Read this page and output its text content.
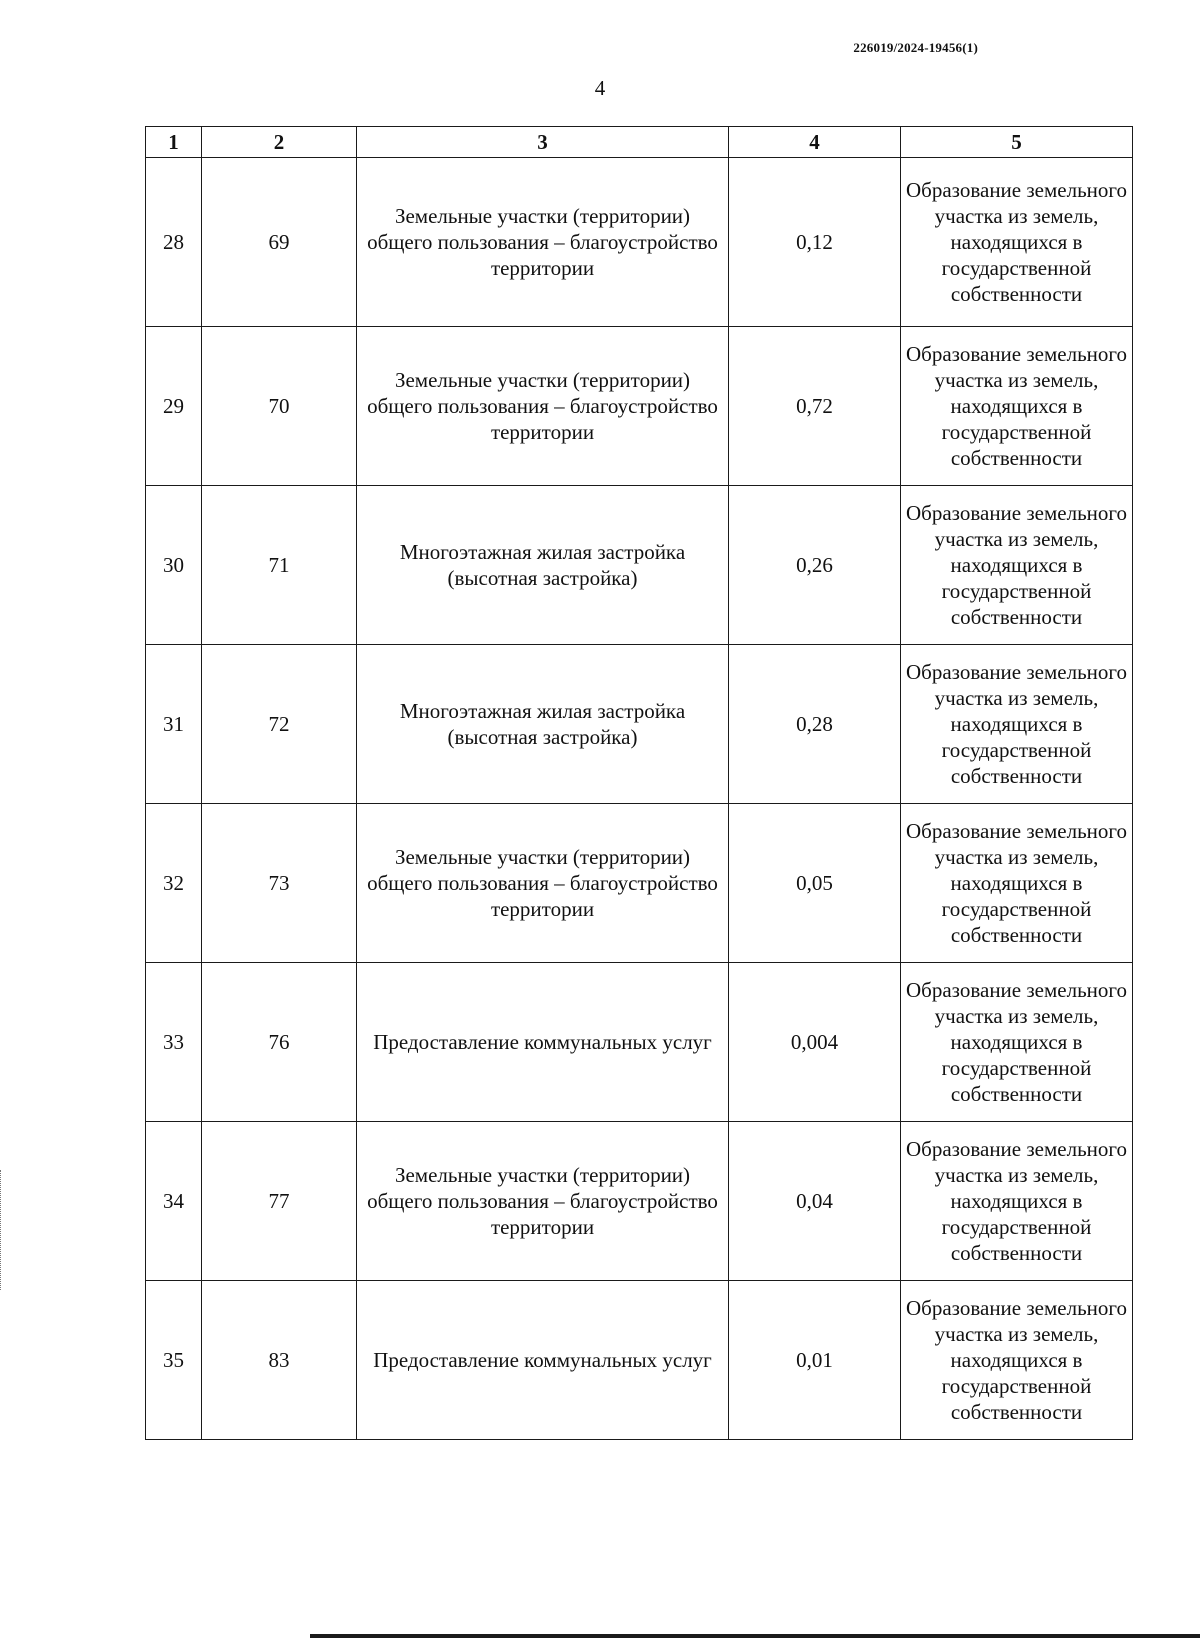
226019/2024-19456(1)
4
1	2	3	4	5
28	69	Земельные участки (территории) общего пользования – благоустройство территории	0,12	Образование земельного участка из земель, находящихся в государственной собственности
29	70	Земельные участки (территории) общего пользования – благоустройство территории	0,72	Образование земельного участка из земель, находящихся в государственной собственности
30	71	Многоэтажная жилая застройка (высотная застройка)	0,26	Образование земельного участка из земель, находящихся в государственной собственности
31	72	Многоэтажная жилая застройка (высотная застройка)	0,28	Образование земельного участка из земель, находящихся в государственной собственности
32	73	Земельные участки (территории) общего пользования – благоустройство территории	0,05	Образование земельного участка из земель, находящихся в государственной собственности
33	76	Предоставление коммунальных услуг	0,004	Образование земельного участка из земель, находящихся в государственной собственности
34	77	Земельные участки (территории) общего пользования – благоустройство территории	0,04	Образование земельного участка из земель, находящихся в государственной собственности
35	83	Предоставление коммунальных услуг	0,01	Образование земельного участка из земель, находящихся в государственной собственности
